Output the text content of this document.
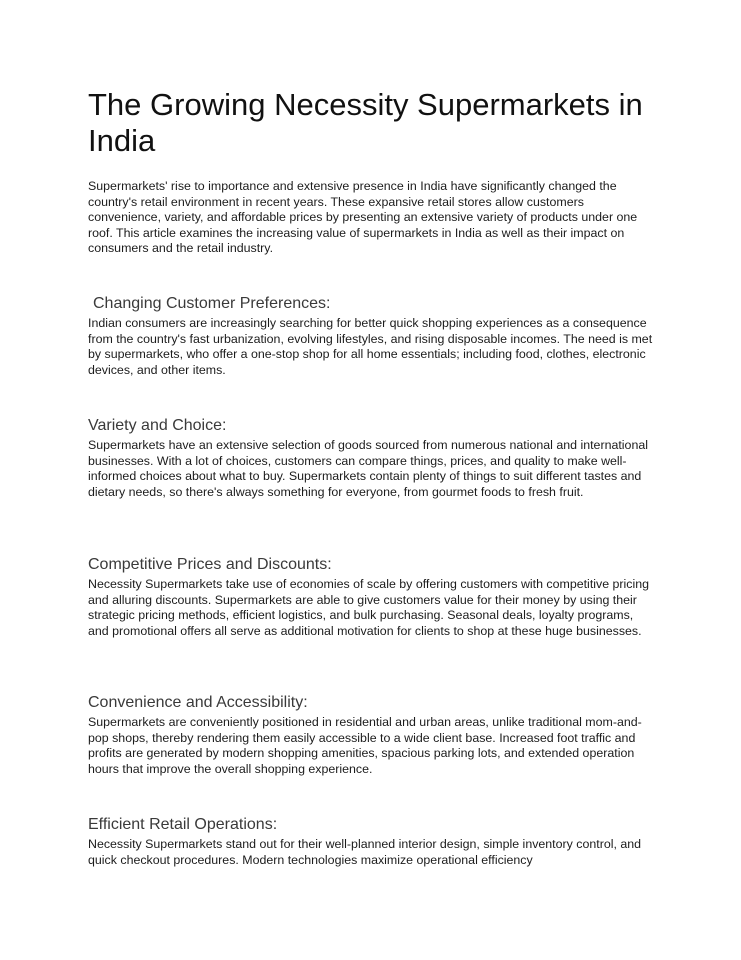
The Growing Necessity Supermarkets in India

Supermarkets' rise to importance and extensive presence in India have significantly changed the country's retail environment in recent years. These expansive retail stores allow customers convenience, variety, and affordable prices by presenting an extensive variety of products under one roof. This article examines the increasing value of supermarkets in India as well as their impact on consumers and the retail industry.

Changing Customer Preferences:

Indian consumers are increasingly searching for better quick shopping experiences as a consequence from the country's fast urbanization, evolving lifestyles, and rising disposable incomes. The need is met by supermarkets, who offer a one-stop shop for all home essentials; including food, clothes, electronic devices, and other items.

Variety and Choice:

Supermarkets have an extensive selection of goods sourced from numerous national and international businesses. With a lot of choices, customers can compare things, prices, and quality to make well-informed choices about what to buy. Supermarkets contain plenty of things to suit different tastes and dietary needs, so there's always something for everyone, from gourmet foods to fresh fruit.

Competitive Prices and Discounts:

Necessity Supermarkets take use of economies of scale by offering customers with competitive pricing and alluring discounts. Supermarkets are able to give customers value for their money by using their strategic pricing methods, efficient logistics, and bulk purchasing. Seasonal deals, loyalty programs, and promotional offers all serve as additional motivation for clients to shop at these huge businesses.

Convenience and Accessibility:

Supermarkets are conveniently positioned in residential and urban areas, unlike traditional mom-and-pop shops, thereby rendering them easily accessible to a wide client base. Increased foot traffic and profits are generated by modern shopping amenities, spacious parking lots, and extended operation hours that improve the overall shopping experience.

Efficient Retail Operations:

Necessity Supermarkets stand out for their well-planned interior design, simple inventory control, and quick checkout procedures. Modern technologies maximize operational efficiency
